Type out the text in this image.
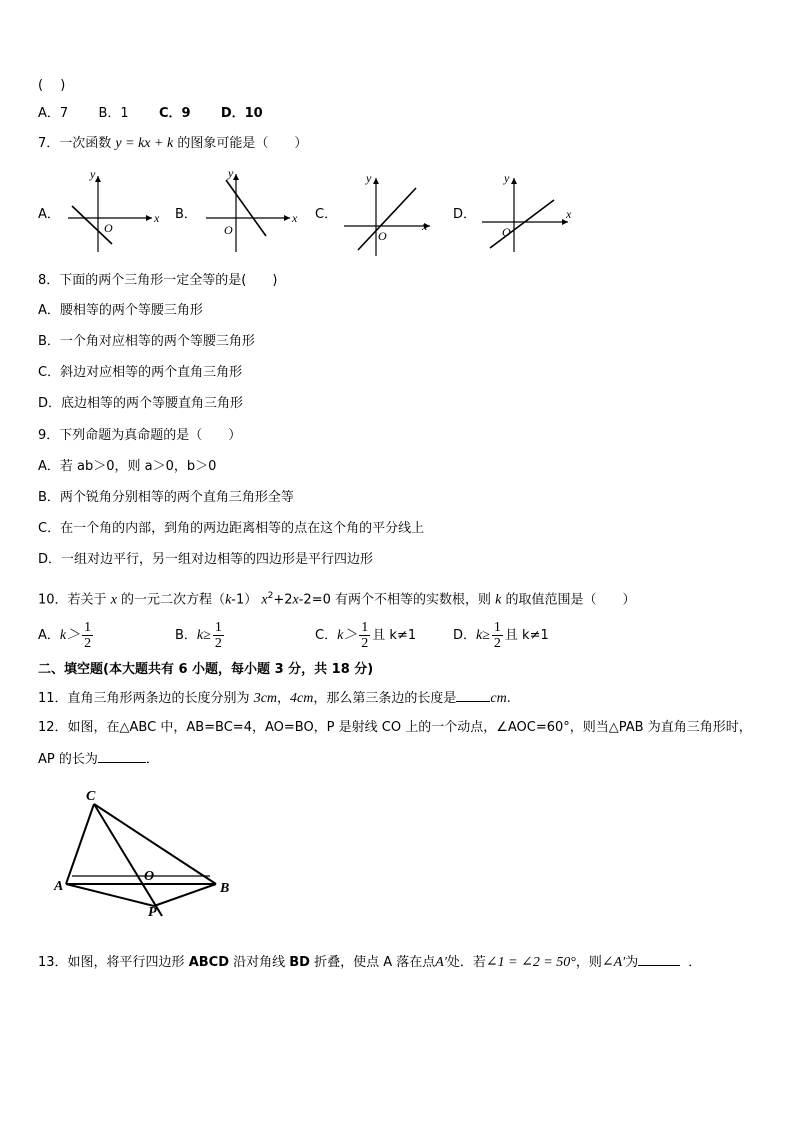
(　 )
A．7 B．1 C．9 D．10
7．一次函数 y = kx + k 的图象可能是（　　）
A．
y
x
O
B．
y
x
O
C．
y
x
O
D．
y
x
O
8．下面的两个三角形一定全等的是(　　)
A．腰相等的两个等腰三角形
B．一个角对应相等的两个等腰三角形
C．斜边对应相等的两个直角三角形
D．底边相等的两个等腰直角三角形
9．下列命题为真命题的是（　　）
A．若 ab＞0，则 a＞0，b＞0
B．两个锐角分别相等的两个直角三角形全等
C．在一个角的内部，到角的两边距离相等的点在这个角的平分线上
D．一组对边平行，另一组对边相等的四边形是平行四边形
10．若关于 x 的一元二次方程（k-1） $x^2+2x-2=0$ 有两个不相等的实数根，则 k 的取值范围是（　　）
A．$k> \frac{1}{2}$	B．$k\ge \frac{1}{2}$	C．$k> \frac{1}{2}$ 且 k≠1	D．$k\ge \frac{1}{2}$ 且 k≠1
二、填空题(本大题共有 6 小题，每小题 3 分，共 18 分)
11．直角三角形两条边的长度分别为 3cm，4cm，那么第三条边的长度是 cm.
12．如图，在△ABC 中，AB=BC=4，AO=BO，P 是射线 CO 上的一个动点，∠AOC=60°，则当△PAB 为直角三角形时，
AP 的长为	．
C
A
O
B
P
13．如图，将平行四边形 ABCD 沿对角线 BD 折叠，使点 A 落在点A′处．若∠1 = ∠2 = 50°，则∠A′为	．
